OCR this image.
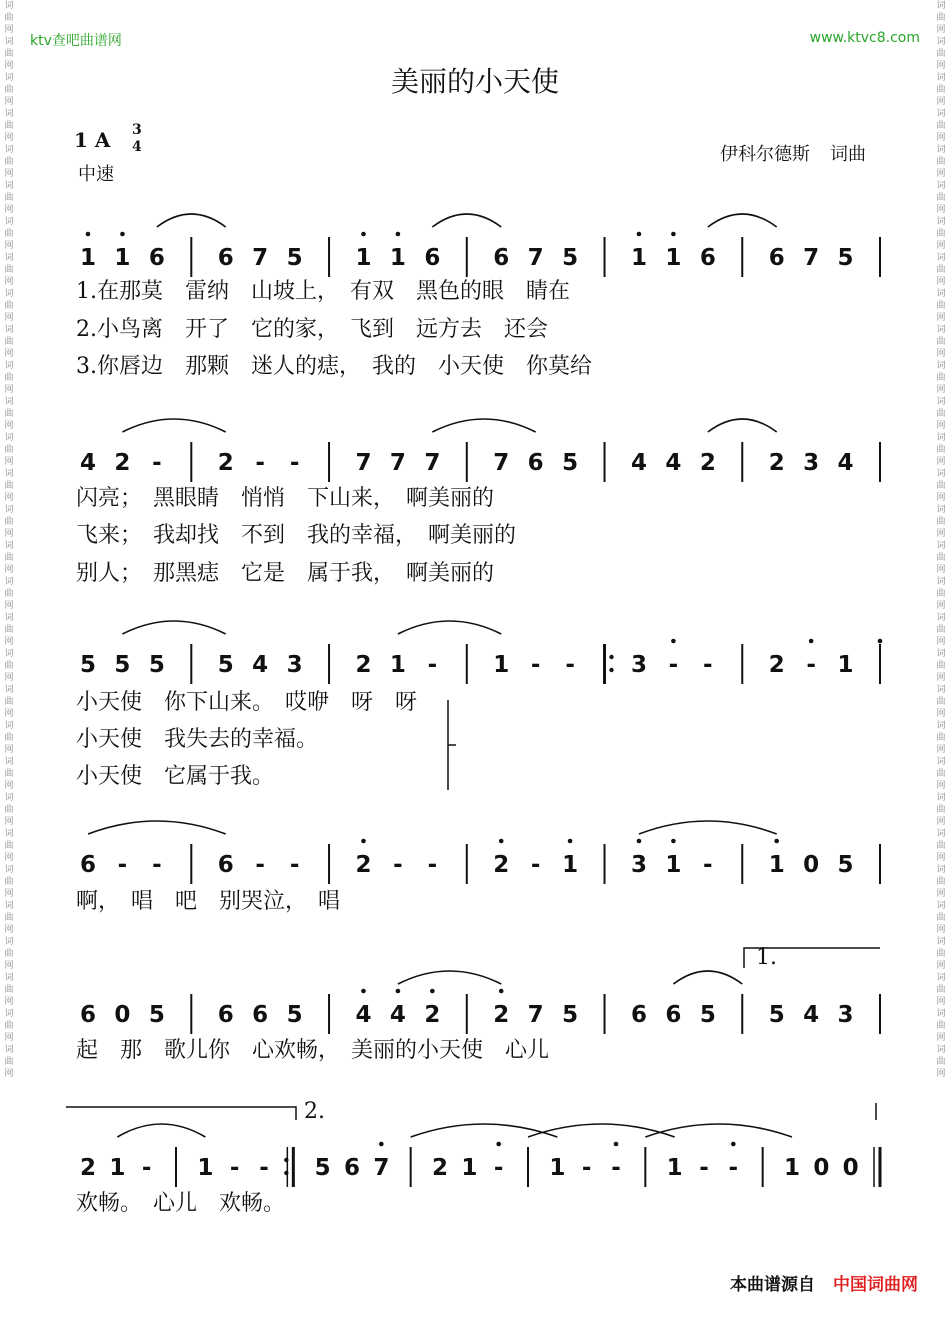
ktv查吧曲谱网	www.ktvc8.com
美丽的小天使
1 A 3
4
中速
伊科尔德斯 词曲
词曲网词曲网词曲网词曲网词曲网词曲网词曲网词曲网词曲网词曲网词曲网词曲网词曲网词曲网词曲网词曲网词曲网词曲网词曲网词曲网词曲网词曲网词曲网词曲网词曲网词曲网词曲网词曲网词曲网词曲网
词曲网词曲网词曲网词曲网词曲网词曲网词曲网词曲网词曲网词曲网词曲网词曲网词曲网词曲网词曲网词曲网词曲网词曲网词曲网词曲网词曲网词曲网词曲网词曲网词曲网词曲网词曲网词曲网词曲网词曲网
1 1 6 6 7 5 1 1 6 6 7 5 1 1 6 6 7 5
1.在那莫　雷纳　山坡上，　有双　黑色的眼　睛在
2.小鸟离　开了　它的家，　飞到　远方去　还会
3.你唇边　那颗　迷人的痣，　我的　小天使　你莫给
4 2 - 2 - - 7 7 7 7 6 5 4 4 2 2 3 4
闪亮；　黑眼睛　悄悄　下山来，　啊美丽的
飞来；　我却找　不到　我的幸福，　啊美丽的
别人；　那黑痣　它是　属于我，　啊美丽的
5 5 5 5 4 3 2 1 - 1 - - 3 - - 2 - 1
小天使　你下山来。　哎咿　呀　呀
小天使　我失去的幸福。
小天使　它属于我。
6 - - 6 - - 2 - - 2 - 1 3 1 - 1 0 5
啊，　唱　吧　别哭泣，　唱
6 0 5 6 6 5 4 4 2 2 7 5 6 6 5 5 4 3
起　那　歌儿你　心欢畅，　美丽的小天使　心儿
2 1 - 1 - - 5 6 7 2 1 - 1 - - 1 - - 1 0 0
欢畅。　心儿　欢畅。
1.
2.
本曲谱源自 中国词曲网
